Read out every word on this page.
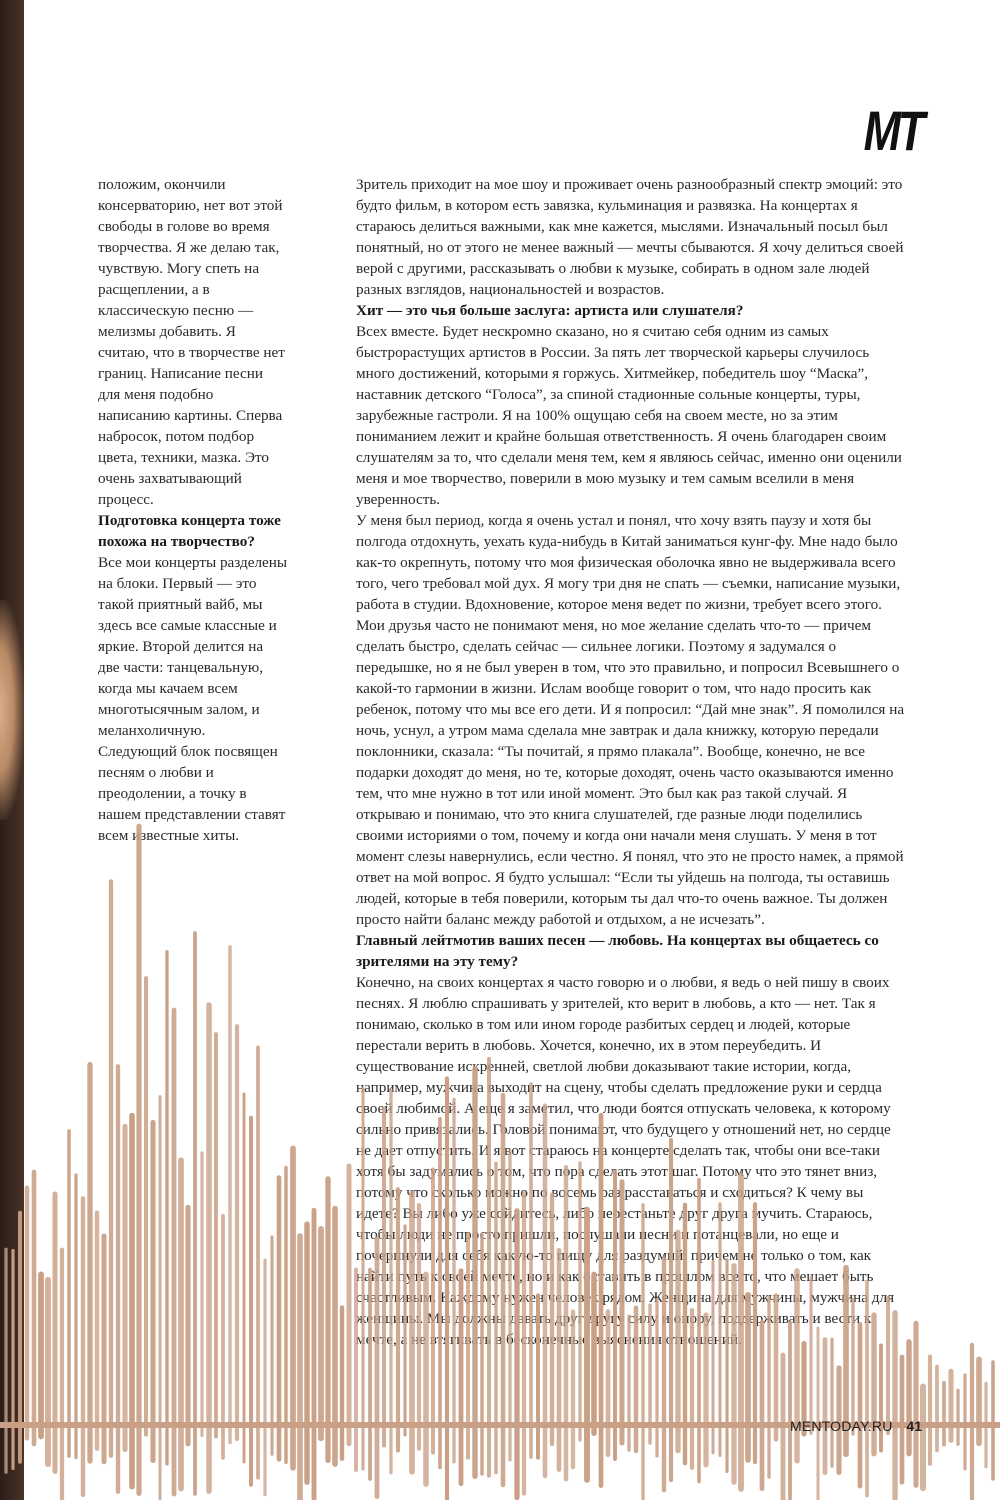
MT

положим, окончили консерваторию, нет вот этой свободы в голове во время творчества. Я же делаю так, чувствую. Могу спеть на расщеплении, а в классическую песню — мелизмы добавить. Я считаю, что в творчестве нет границ. Написание песни для меня подобно написанию картины. Сперва набросок, потом подбор цвета, техники, мазка. Это очень захватывающий процесс.

Подготовка концерта тоже похожа на творчество?

Все мои концерты разделены на блоки. Первый — это такой приятный вайб, мы здесь все самые классные и яркие. Второй делится на две части: танцевальную, когда мы качаем всем многотысячным залом, и меланхоличную. Следующий блок посвящен песням о любви и преодолении, а точку в нашем представлении ставят всем известные хиты.

Зритель приходит на мое шоу и проживает очень разнообразный спектр эмоций: это будто фильм, в котором есть завязка, кульминация и развязка. На концертах я стараюсь делиться важными, как мне кажется, мыслями. Изначальный посыл был понятный, но от этого не менее важный — мечты сбываются. Я хочу делиться своей верой с другими, рассказывать о любви к музыке, собирать в одном зале людей разных взглядов, национальностей и возрастов.

Хит — это чья больше заслуга: артиста или слушателя?

Всех вместе. Будет нескромно сказано, но я считаю себя одним из самых быстрорастущих артистов в России. За пять лет творческой карьеры случилось много достижений, которыми я горжусь. Хитмейкер, победитель шоу “Маска”, наставник детского “Голоса”, за спиной стадионные сольные концерты, туры, зарубежные гастроли. Я на 100% ощущаю себя на своем месте, но за этим пониманием лежит и крайне большая ответственность. Я очень благодарен своим слушателям за то, что сделали меня тем, кем я являюсь сейчас, именно они оценили меня и мое творчество, поверили в мою музыку и тем самым вселили в меня уверенность.

У меня был период, когда я очень устал и понял, что хочу взять паузу и хотя бы полгода отдохнуть, уехать куда-нибудь в Китай заниматься кунг-фу. Мне надо было как-то окрепнуть, потому что моя физическая оболочка явно не выдерживала всего того, чего требовал мой дух. Я могу три дня не спать — съемки, написание музыки, работа в студии. Вдохновение, которое меня ведет по жизни, требует всего этого. Мои друзья часто не понимают меня, но мое желание сделать что-то — причем сделать быстро, сделать сейчас — сильнее логики. Поэтому я задумался о передышке, но я не был уверен в том, что это правильно, и попросил Всевышнего о какой-то гармонии в жизни. Ислам вообще говорит о том, что надо просить как ребенок, потому что мы все его дети. И я попросил: “Дай мне знак”. Я помолился на ночь, уснул, а утром мама сделала мне завтрак и дала книжку, которую передали поклонники, сказала: “Ты почитай, я прямо плакала”. Вообще, конечно, не все подарки доходят до меня, но те, которые доходят, очень часто оказываются именно тем, что мне нужно в тот или иной момент. Это был как раз такой случай. Я открываю и понимаю, что это книга слушателей, где разные люди поделились своими историями о том, почему и когда они начали меня слушать. У меня в тот момент слезы навернулись, если честно. Я понял, что это не просто намек, а прямой ответ на мой вопрос. Я будто услышал: “Если ты уйдешь на полгода, ты оставишь людей, которые в тебя поверили, которым ты дал что-то очень важное. Ты должен просто найти баланс между работой и отдыхом, а не исчезать”.

Главный лейтмотив ваших песен — любовь. На концертах вы общаетесь со зрителями на эту тему?

Конечно, на своих концертах я часто говорю и о любви, я ведь о ней пишу в своих песнях. Я люблю спрашивать у зрителей, кто верит в любовь, а кто — нет. Так я понимаю, сколько в том или ином городе разбитых сердец и людей, которые перестали верить в любовь. Хочется, конечно, их в этом переубедить. И существование искренней, светлой любви доказывают такие истории, когда, например, мужчина выходит на сцену, чтобы сделать предложение руки и сердца своей любимой. А еще я заметил, что люди боятся отпускать человека, к которому сильно привязались. Головой понимают, что будущего у отношений нет, но сердце не дает отпустить. И я вот стараюсь на концерте сделать так, чтобы они все-таки хотя бы задумались о том, что пора сделать этот шаг. Потому что это тянет вниз, потому что сколько можно по восемь раз расставаться и сходиться? К чему вы идете? Вы либо уже сойдитесь, либо перестаньте друг друга мучить. Стараюсь, чтобы люди не просто пришли, послушали песни и потанцевали, но еще и почерпнули для себя какую-то пищу для раздумий, причем не только о том, как найти путь к своей мечте, но и как оставить в прошлом все то, что мешает быть счастливым. Каждому нужен человек рядом. Женщина для мужчины, мужчина для женщины. Мы должны давать друг другу силу и опору, поддерживать и вести к мечте, а не втягивать в бесконечные выяснения отношений.

MENTODAY.RU 41
